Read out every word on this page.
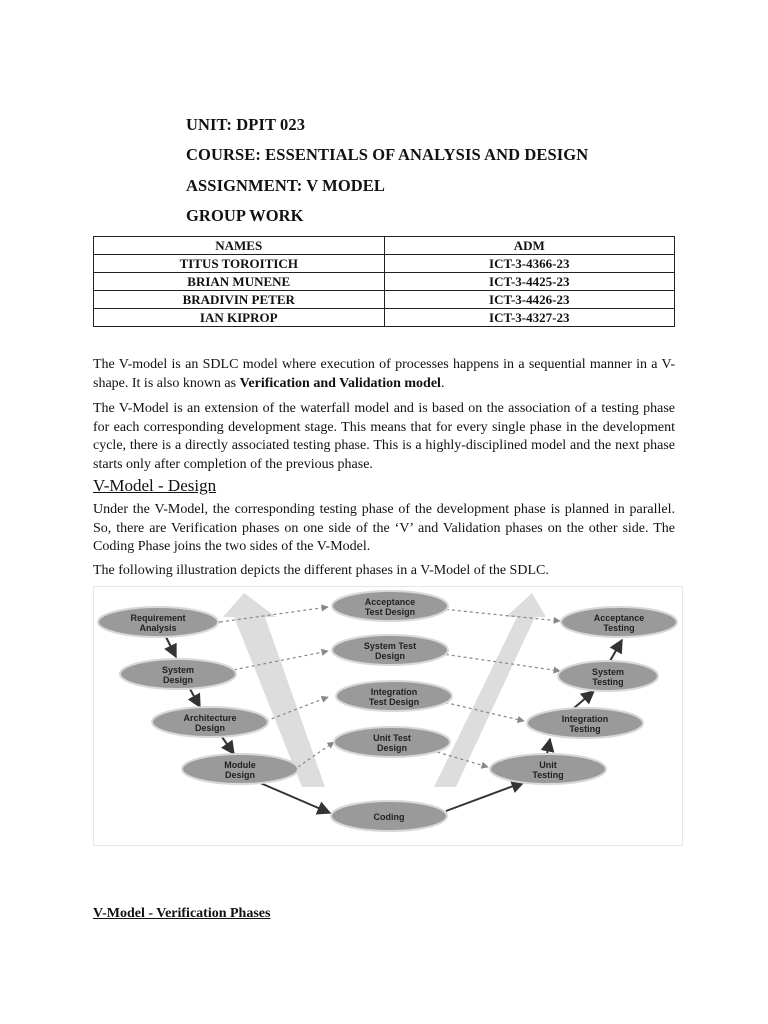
UNIT: DPIT 023
COURSE: ESSENTIALS OF ANALYSIS AND DESIGN
ASSIGNMENT: V MODEL
GROUP WORK
NAMES	ADM
TITUS TOROITICH	ICT-3-4366-23
BRIAN MUNENE	ICT-3-4425-23
BRADIVIN PETER	ICT-3-4426-23
IAN KIPROP	ICT-3-4327-23

The V-model is an SDLC model where execution of processes happens in a sequential manner in a V-shape. It is also known as Verification and Validation model.

The V-Model is an extension of the waterfall model and is based on the association of a testing phase for each corresponding development stage. This means that for every single phase in the development cycle, there is a directly associated testing phase. This is a highly-disciplined model and the next phase starts only after completion of the previous phase.

V-Model - Design

Under the V-Model, the corresponding testing phase of the development phase is planned in parallel. So, there are Verification phases on one side of the ‘V’ and Validation phases on the other side. The Coding Phase joins the two sides of the V-Model.

The following illustration depicts the different phases in a V-Model of the SDLC.

Requirement
Analysis
System
Design
Architecture
Design
Module
Design
Coding
Acceptance
Test Design
System Test
Design
Integration
Test Design
Unit Test
Design
Acceptance
Testing
System
Testing
Integration
Testing
Unit
Testing
V-Model - Verification Phases
